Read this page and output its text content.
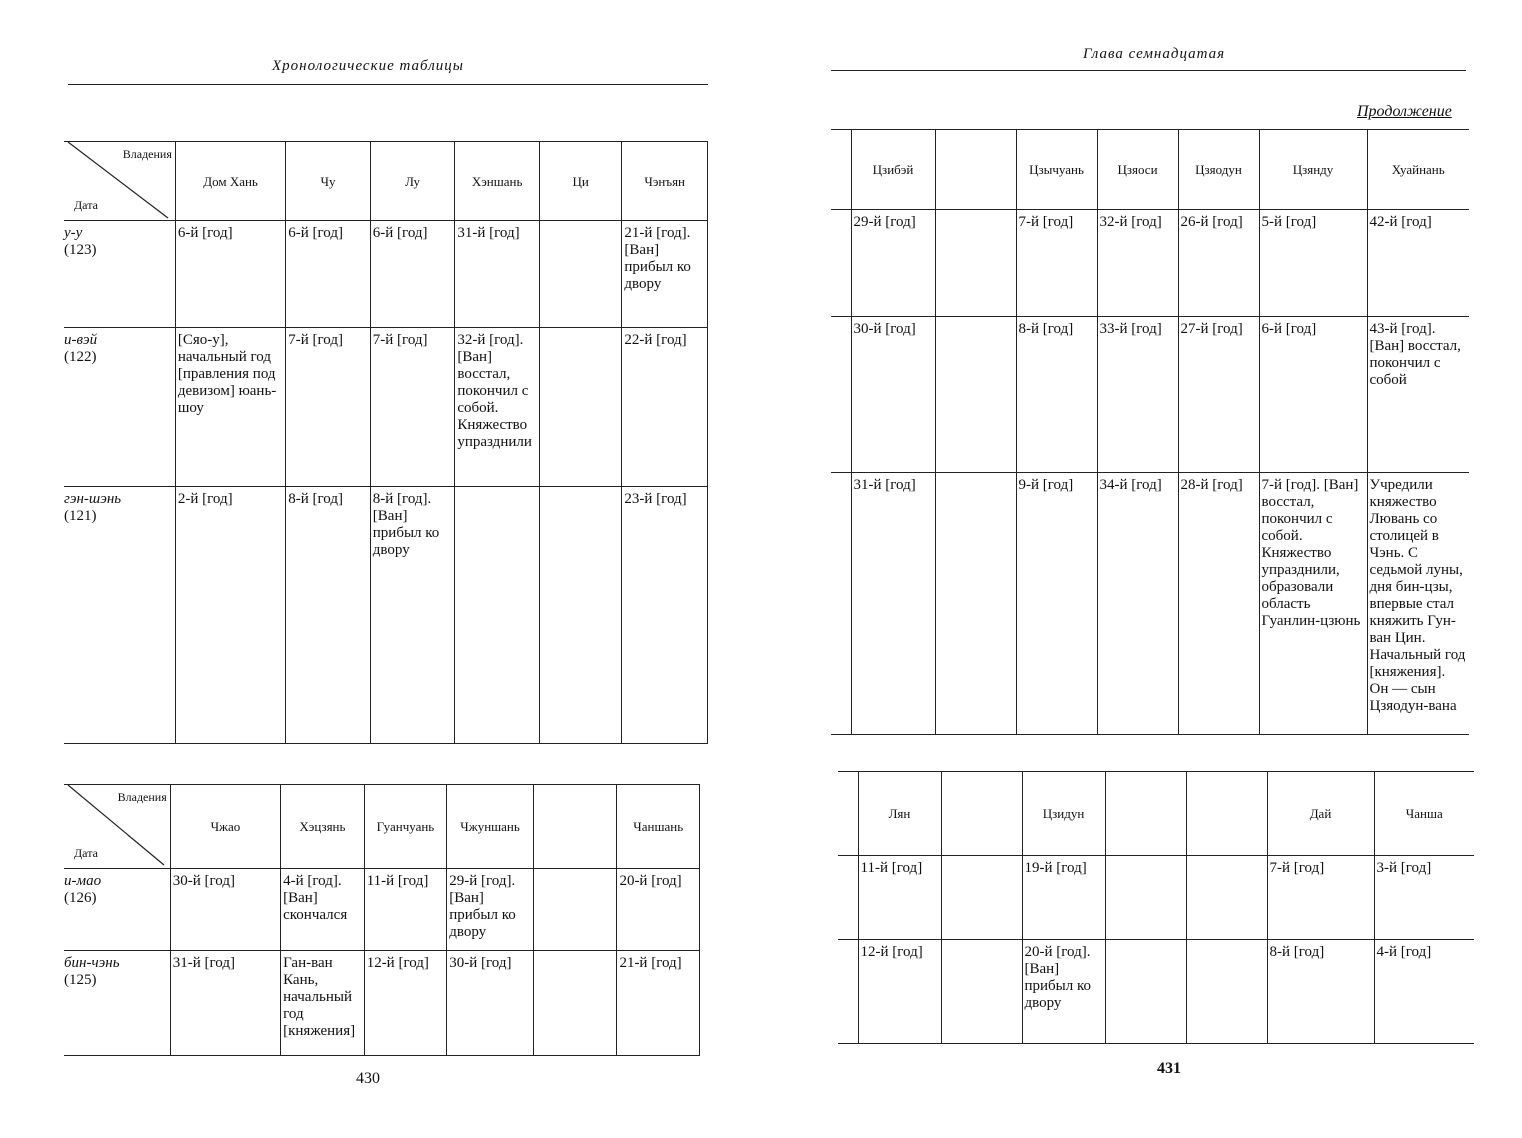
Хронологические таблицы
Владения
Дата	Дом Хань	Чу	Лу	Хэншань	Ци	Чэнъян
у-у
(123)	6-й [год]	6-й [год]	6-й [год]	31-й [год]		21-й [год]. [Ван] прибыл ко двору
и-вэй
(122)	[Сяо-у], начальный год [правления под девизом] юань-шоу	7-й [год]	7-й [год]	32-й [год]. [Ван] восстал, покончил с собой. Княжество упразднили		22-й [год]
гэн-шэнь
(121)	2-й [год]	8-й [год]	8-й [год]. [Ван] прибыл ко двору			23-й [год]
Владения
Дата	Чжао	Хэцзянь	Гуанчуань	Чжуншань		Чаншань
и-мао
(126)	30-й [год]	4-й [год]. [Ван] скончался	11-й [год]	29-й [год]. [Ван] прибыл ко двору		20-й [год]
бин-чэнь
(125)	31-й [год]	Ган-ван Кань, начальный год [княжения]	12-й [год]	30-й [год]		21-й [год]
430
Глава семнадцатая
Продолжение
	Цзибэй		Цзычуань	Цзяоси	Цзяодун	Цзянду	Хуайнань
	29-й [год]		7-й [год]	32-й [год]	26-й [год]	5-й [год]	42-й [год]
	30-й [год]		8-й [год]	33-й [год]	27-й [год]	6-й [год]	43-й [год]. [Ван] восстал, покончил с собой
	31-й [год]		9-й [год]	34-й [год]	28-й [год]	7-й [год]. [Ван] восстал, покончил с собой. Княжество упразднили, образовали область Гуанлин-цзюнь	Учредили княжество Лювань со столицей в Чэнь. С седьмой луны, дня бин-цзы, впервые стал княжить Гун-ван Цин. Начальный год [княжения]. Он — сын Цзяодун-вана
	Лян		Цзидун			Дай	Чанша
	11-й [год]		19-й [год]			7-й [год]	3-й [год]
	12-й [год]		20-й [год]. [Ван] прибыл ко двору			8-й [год]	4-й [год]
431
